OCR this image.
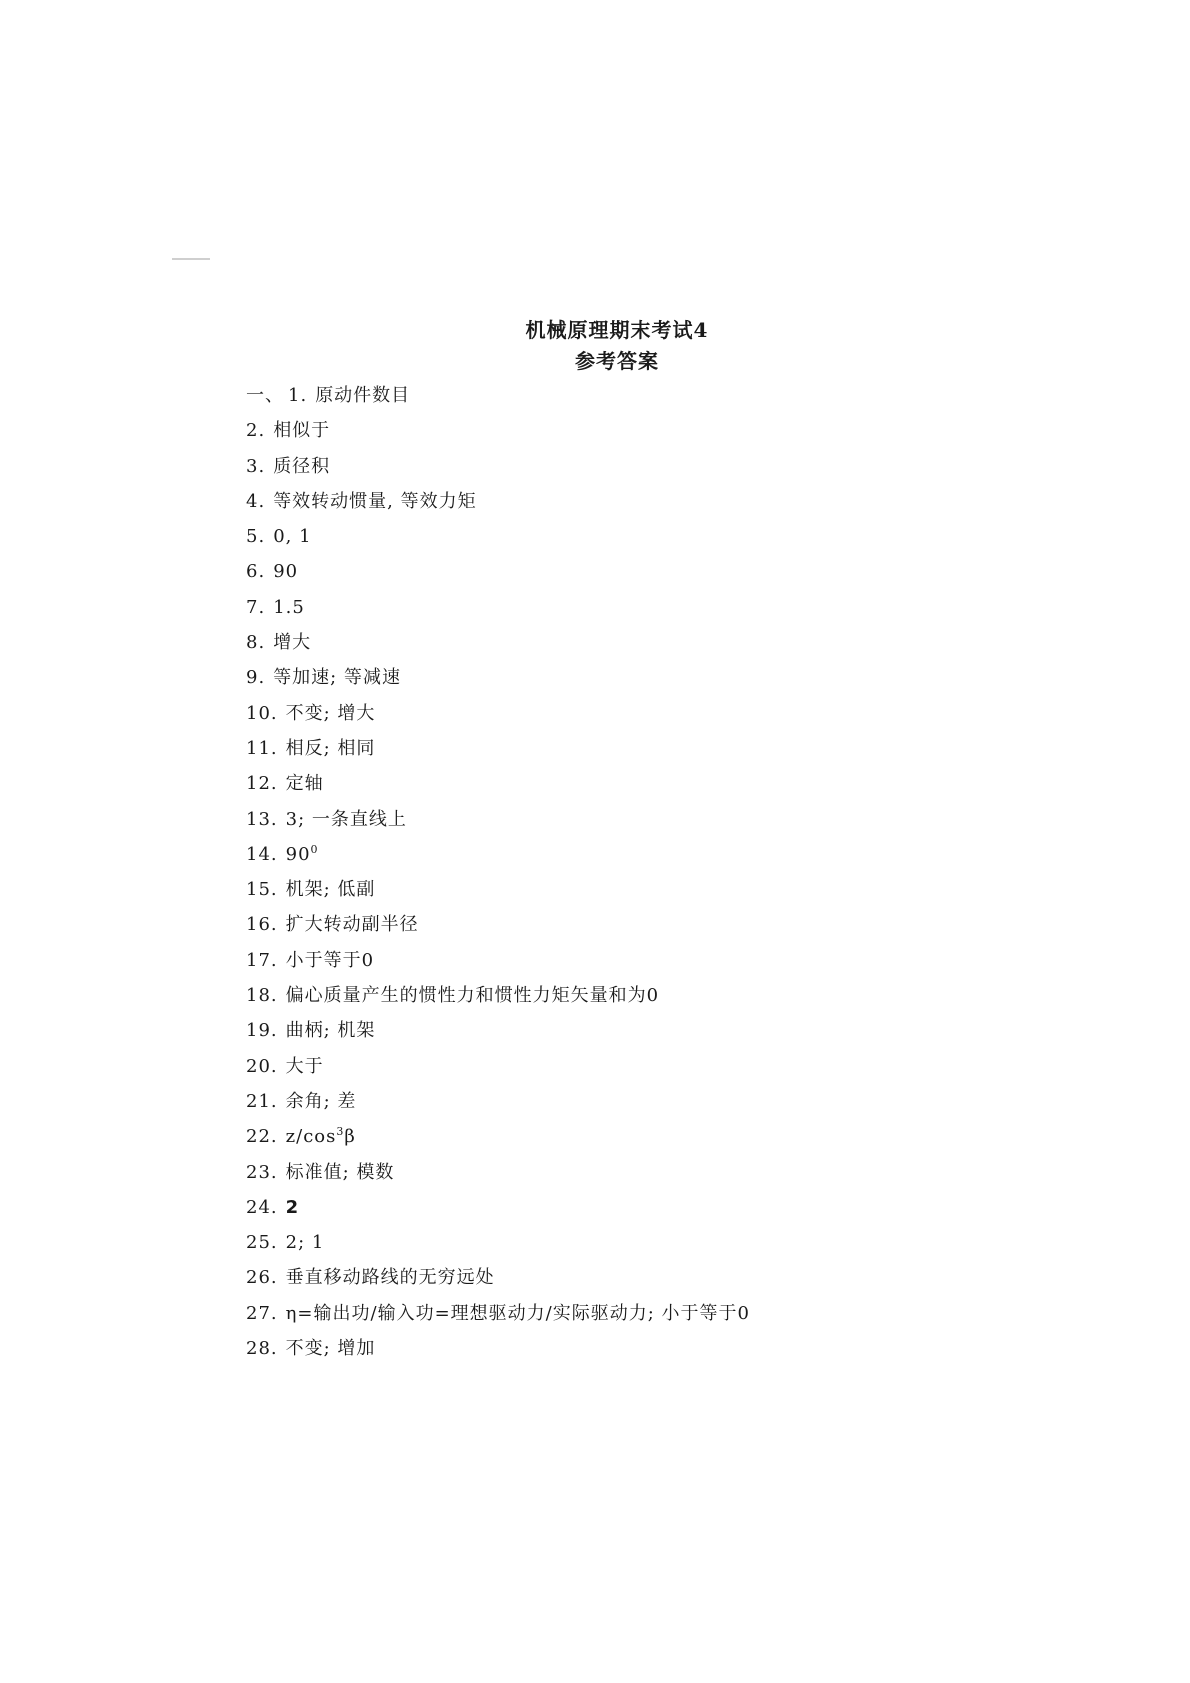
机械原理期末考试4
参考答案
一、 1. 原动件数目
2. 相似于
3. 质径积
4. 等效转动惯量, 等效力矩
5. 0, 1
6. 90
7. 1.5
8. 增大
9. 等加速; 等减速
10. 不变; 增大
11. 相反; 相同
12. 定轴
13. 3; 一条直线上
14. $90^0$
15. 机架; 低副
16. 扩大转动副半径
17. 小于等于0
18. 偏心质量产生的惯性力和惯性力矩矢量和为0
19. 曲柄; 机架
20. 大于
21. 余角; 差
22. $z/\cos^3\beta$
23. 标准值; 模数
24. 2
25. 2; 1
26. 垂直移动路线的无穷远处
27. η=输出功/输入功=理想驱动力/实际驱动力; 小于等于0
28. 不变; 增加
